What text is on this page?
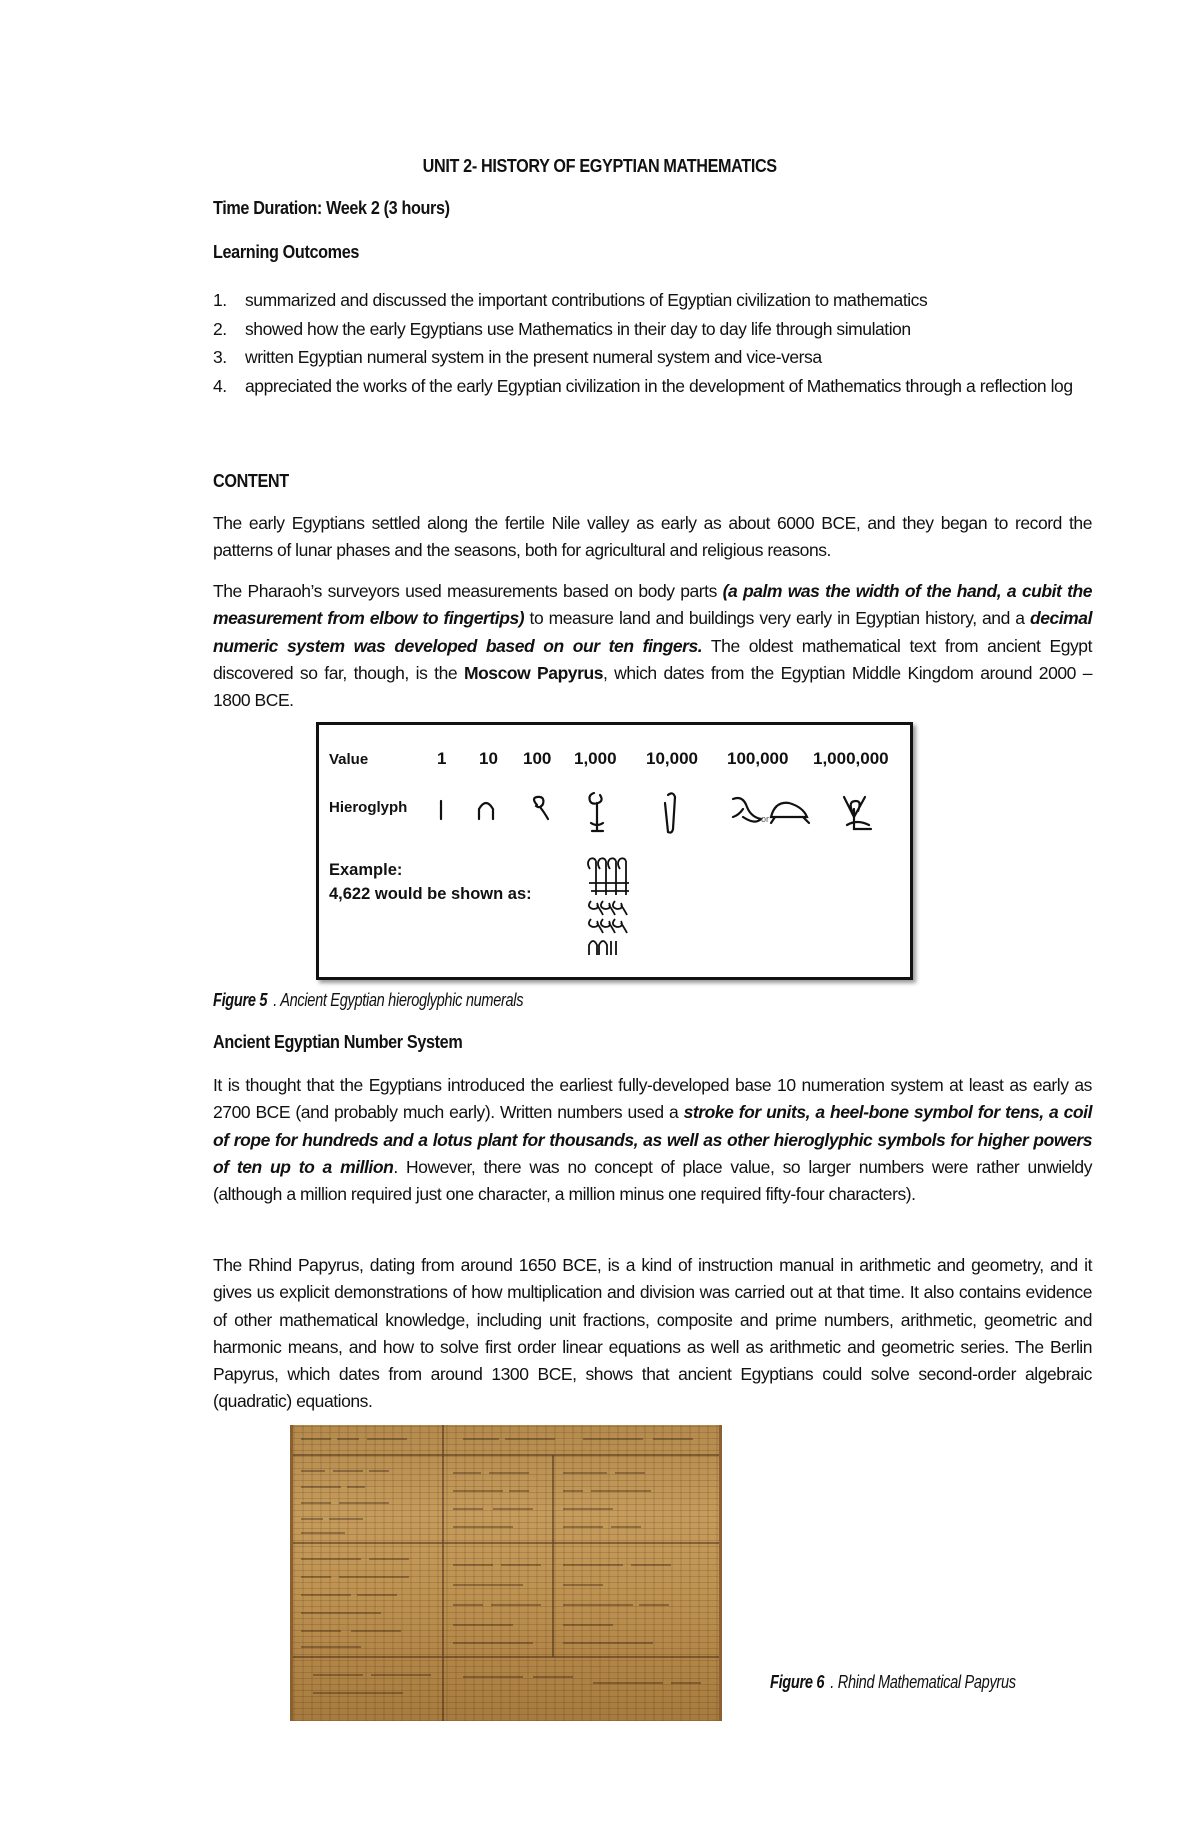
UNIT 2- HISTORY OF EGYPTIAN MATHEMATICS
Time Duration: Week 2 (3 hours)
Learning Outcomes
1. summarized and discussed the important contributions of Egyptian civilization to mathematics
2. showed how the early Egyptians use Mathematics in their day to day life through simulation
3. written Egyptian numeral system in the present numeral system and vice-versa
4. appreciated the works of the early Egyptian civilization in the development of Mathematics through a reflection log
CONTENT

The early Egyptians settled along the fertile Nile valley as early as about 6000 BCE, and they began to record the patterns of lunar phases and the seasons, both for agricultural and religious reasons.

The Pharaoh’s surveyors used measurements based on body parts (a palm was the width of the hand, a cubit the measurement from elbow to fingertips) to measure land and buildings very early in Egyptian history, and a decimal numeric system was developed based on our ten fingers. The oldest mathematical text from ancient Egypt discovered so far, though, is the Moscow Papyrus, which dates from the Egyptian Middle Kingdom around 2000 – 1800 BCE.

Value	1 10 100 1,000 10,000 100,000 1,000,000
Hieroglyph
or
Example:
4,622 would be shown as:
Figure 5 . Ancient Egyptian hieroglyphic numerals
Ancient Egyptian Number System

It is thought that the Egyptians introduced the earliest fully-developed base 10 numeration system at least as early as 2700 BCE (and probably much early). Written numbers used a stroke for units, a heel-bone symbol for tens, a coil of rope for hundreds and a lotus plant for thousands, as well as other hieroglyphic symbols for higher powers of ten up to a million. However, there was no concept of place value, so larger numbers were rather unwieldy (although a million required just one character, a million minus one required fifty-four characters).

The Rhind Papyrus, dating from around 1650 BCE, is a kind of instruction manual in arithmetic and geometry, and it gives us explicit demonstrations of how multiplication and division was carried out at that time. It also contains evidence of other mathematical knowledge, including unit fractions, composite and prime numbers, arithmetic, geometric and harmonic means, and how to solve first order linear equations as well as arithmetic and geometric series. The Berlin Papyrus, which dates from around 1300 BCE, shows that ancient Egyptians could solve second-order algebraic (quadratic) equations.

Figure 6 . Rhind Mathematical Papyrus
